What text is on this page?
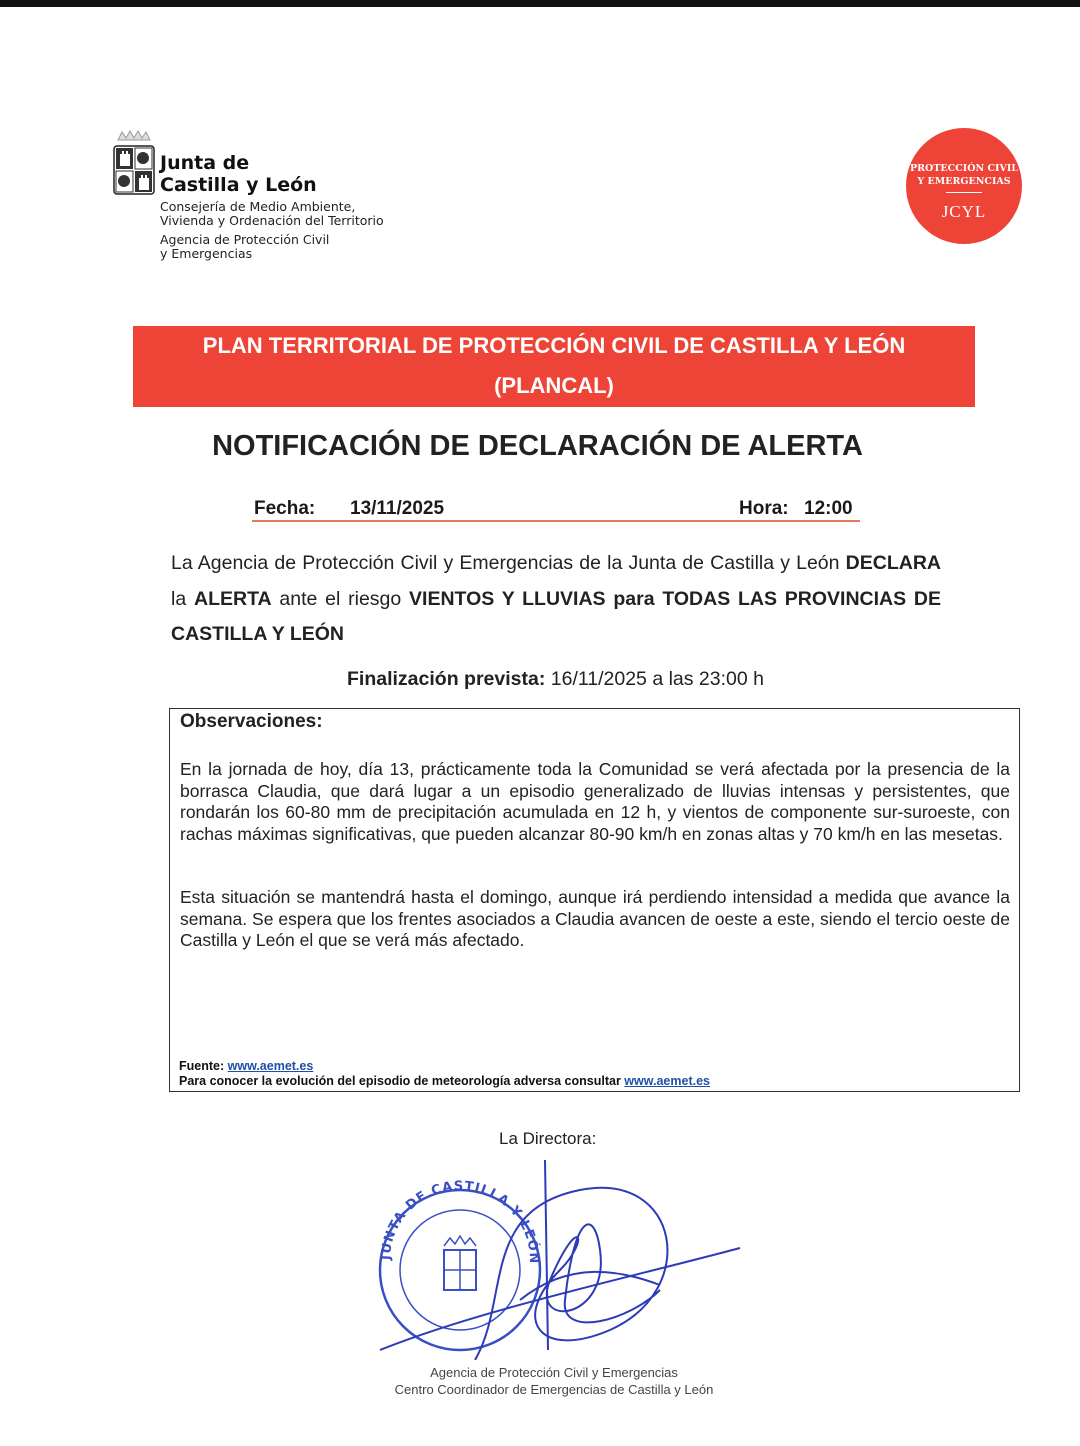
Junta de
Castilla y León
Consejería de Medio Ambiente,
Vivienda y Ordenación del Territorio
Agencia de Protección Civil
y Emergencias
PROTECCIÓN CIVIL
Y EMERGENCIAS
JCYL
PLAN TERRITORIAL DE PROTECCIÓN CIVIL DE CASTILLA Y LEÓN
(PLANCAL)
NOTIFICACIÓN DE DECLARACIÓN DE ALERTA
Fecha: 13/11/2025	Hora: 12:00
La Agencia de Protección Civil y Emergencias de la Junta de Castilla y León DECLARA la ALERTA ante el riesgo VIENTOS Y LLUVIAS para TODAS LAS PROVINCIAS DE CASTILLA Y LEÓN
Finalización prevista: 16/11/2025 a las 23:00 h
Observaciones:
En la jornada de hoy, día 13, prácticamente toda la Comunidad se verá afectada por la presencia de la borrasca Claudia, que dará lugar a un episodio generalizado de lluvias intensas y persistentes, que rondarán los 60-80 mm de precipitación acumulada en 12 h, y vientos de componente sur-suroeste, con rachas máximas significativas, que pueden alcanzar 80-90 km/h en zonas altas y 70 km/h en las mesetas.
Esta situación se mantendrá hasta el domingo, aunque irá perdiendo intensidad a medida que avance la semana. Se espera que los frentes asociados a Claudia avancen de oeste a este, siendo el tercio oeste de Castilla y León el que se verá más afectado.
Fuente: www.aemet.es
Para conocer la evolución del episodio de meteorología adversa consultar www.aemet.es
La Directora:
JUNTA DE CASTILLA Y LEÓN
Agencia de Protección Civil y Emergencias
Centro Coordinador de Emergencias de Castilla y León
